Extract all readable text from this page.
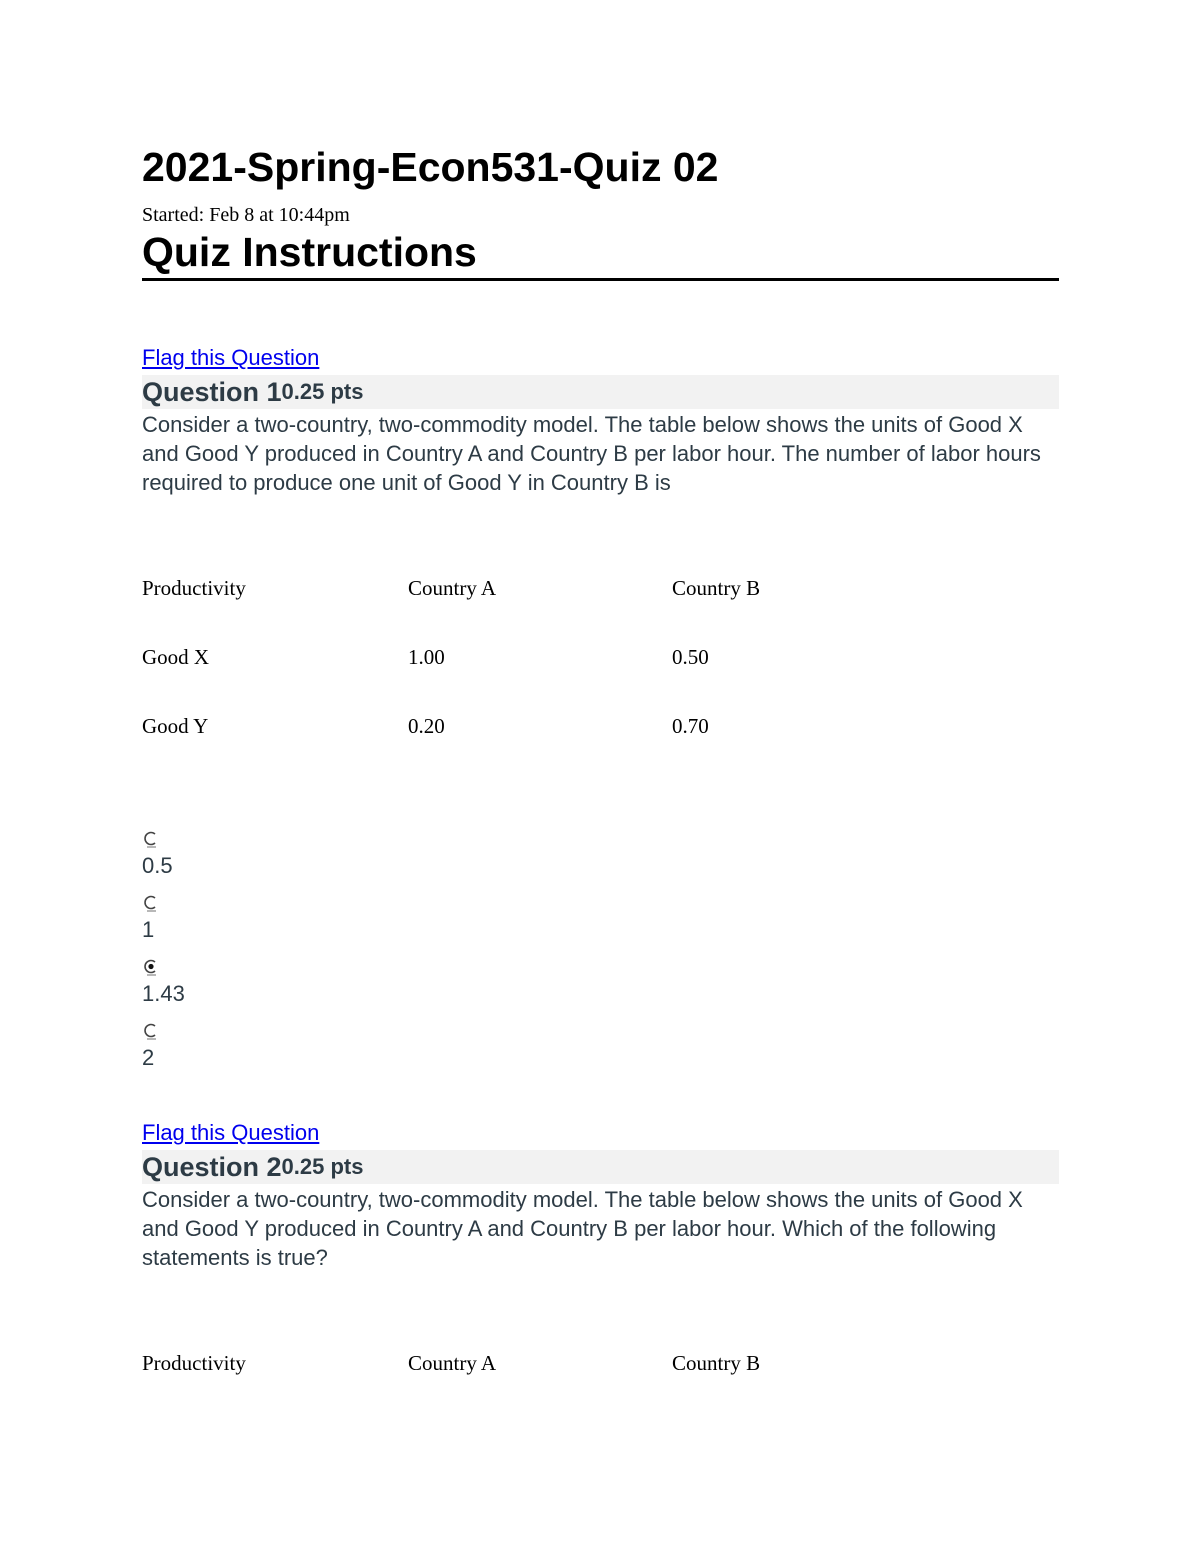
2021-Spring-Econ531-Quiz 02
Started: Feb 8 at 10:44pm
Quiz Instructions
Flag this Question
Question 1 0.25 pts
Consider a two-country, two-commodity model. The table below shows the units of Good X and Good Y produced in Country A and Country B per labor hour. The number of labor hours required to produce one unit of Good Y in Country B is
Productivity	Country A	Country B
Good X	1.00	0.50
Good Y	0.20	0.70
0.5
1
1.43
2
Flag this Question
Question 2 0.25 pts
Consider a two-country, two-commodity model. The table below shows the units of Good X and Good Y produced in Country A and Country B per labor hour. Which of the following statements is true?
Productivity	Country A	Country B
